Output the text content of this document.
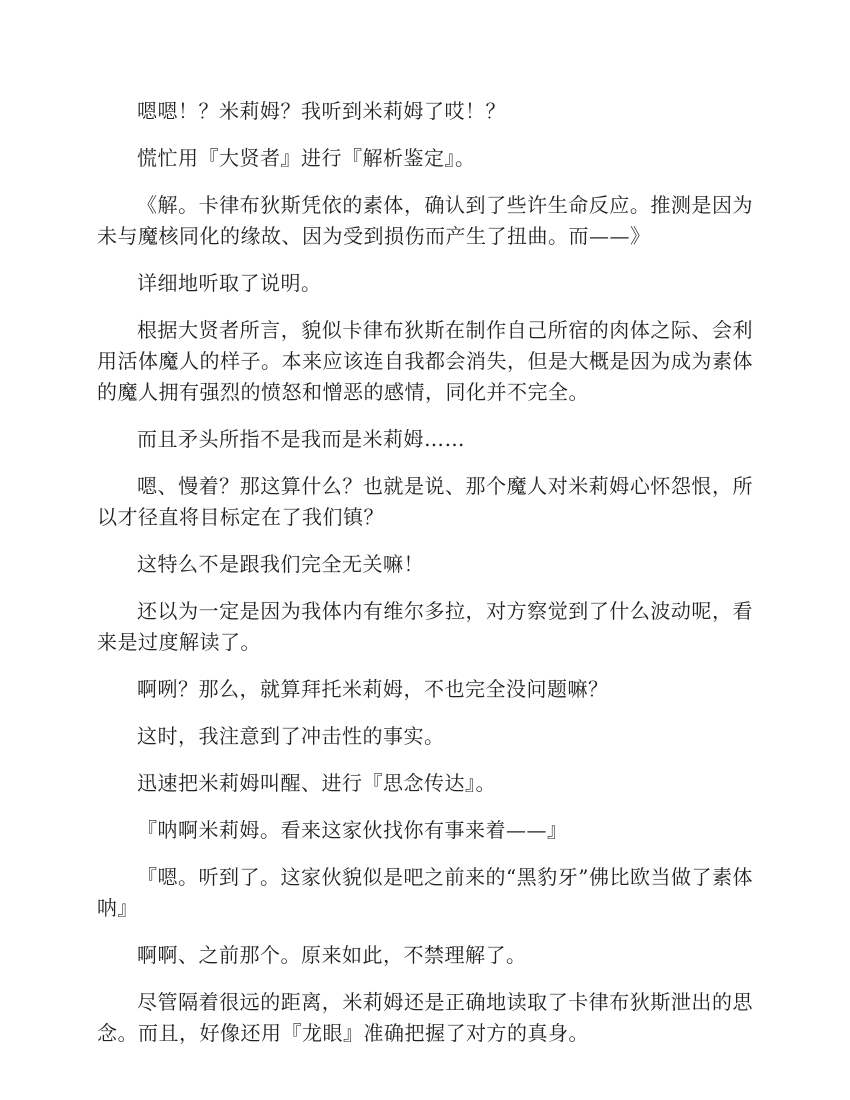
嗯嗯！？米莉姆？我听到米莉姆了哎！？

慌忙用『大贤者』进行『解析鉴定』。

《解。卡律布狄斯凭依的素体，确认到了些许生命反应。推测是因为未与魔核同化的缘故、因为受到损伤而产生了扭曲。而——》

详细地听取了说明。

根据大贤者所言，貌似卡律布狄斯在制作自己所宿的肉体之际、会利用活体魔人的样子。本来应该连自我都会消失，但是大概是因为成为素体的魔人拥有强烈的愤怒和憎恶的感情，同化并不完全。

而且矛头所指不是我而是米莉姆……

嗯、慢着？那这算什么？也就是说、那个魔人对米莉姆心怀怨恨，所以才径直将目标定在了我们镇？

这特么不是跟我们完全无关嘛！

还以为一定是因为我体内有维尔多拉，对方察觉到了什么波动呢，看来是过度解读了。

啊咧？那么，就算拜托米莉姆，不也完全没问题嘛？

这时，我注意到了冲击性的事实。

迅速把米莉姆叫醒、进行『思念传达』。

『呐啊米莉姆。看来这家伙找你有事来着——』

『嗯。听到了。这家伙貌似是吧之前来的“黑豹牙”佛比欧当做了素体呐』

啊啊、之前那个。原来如此，不禁理解了。

尽管隔着很远的距离，米莉姆还是正确地读取了卡律布狄斯泄出的思念。而且，好像还用『龙眼』准确把握了对方的真身。
